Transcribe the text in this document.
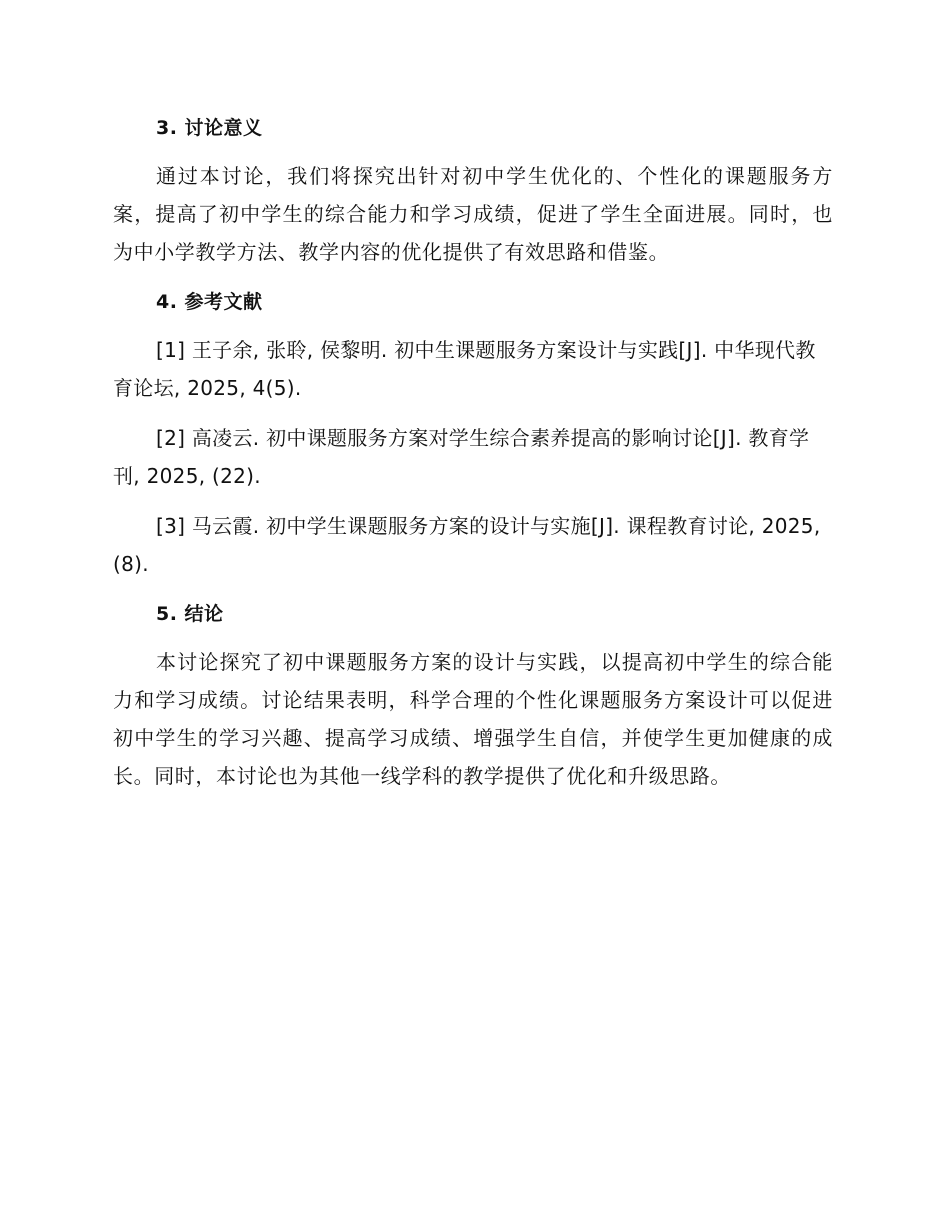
3. 讨论意义

通过本讨论，我们将探究出针对初中学生优化的、个性化的课题服务方案，提高了初中学生的综合能力和学习成绩，促进了学生全面进展。同时，也为中小学教学方法、教学内容的优化提供了有效思路和借鉴。

4. 参考文献

[1] 王子余, 张聆, 侯黎明. 初中生课题服务方案设计与实践[J]. 中华现代教育论坛, 2025, 4(5).

[2] 高凌云. 初中课题服务方案对学生综合素养提高的影响讨论[J]. 教育学刊, 2025, (22).

[3] 马云霞. 初中学生课题服务方案的设计与实施[J]. 课程教育讨论, 2025, (8).

5. 结论

本讨论探究了初中课题服务方案的设计与实践，以提高初中学生的综合能力和学习成绩。讨论结果表明，科学合理的个性化课题服务方案设计可以促进初中学生的学习兴趣、提高学习成绩、增强学生自信，并使学生更加健康的成长。同时，本讨论也为其他一线学科的教学提供了优化和升级思路。
